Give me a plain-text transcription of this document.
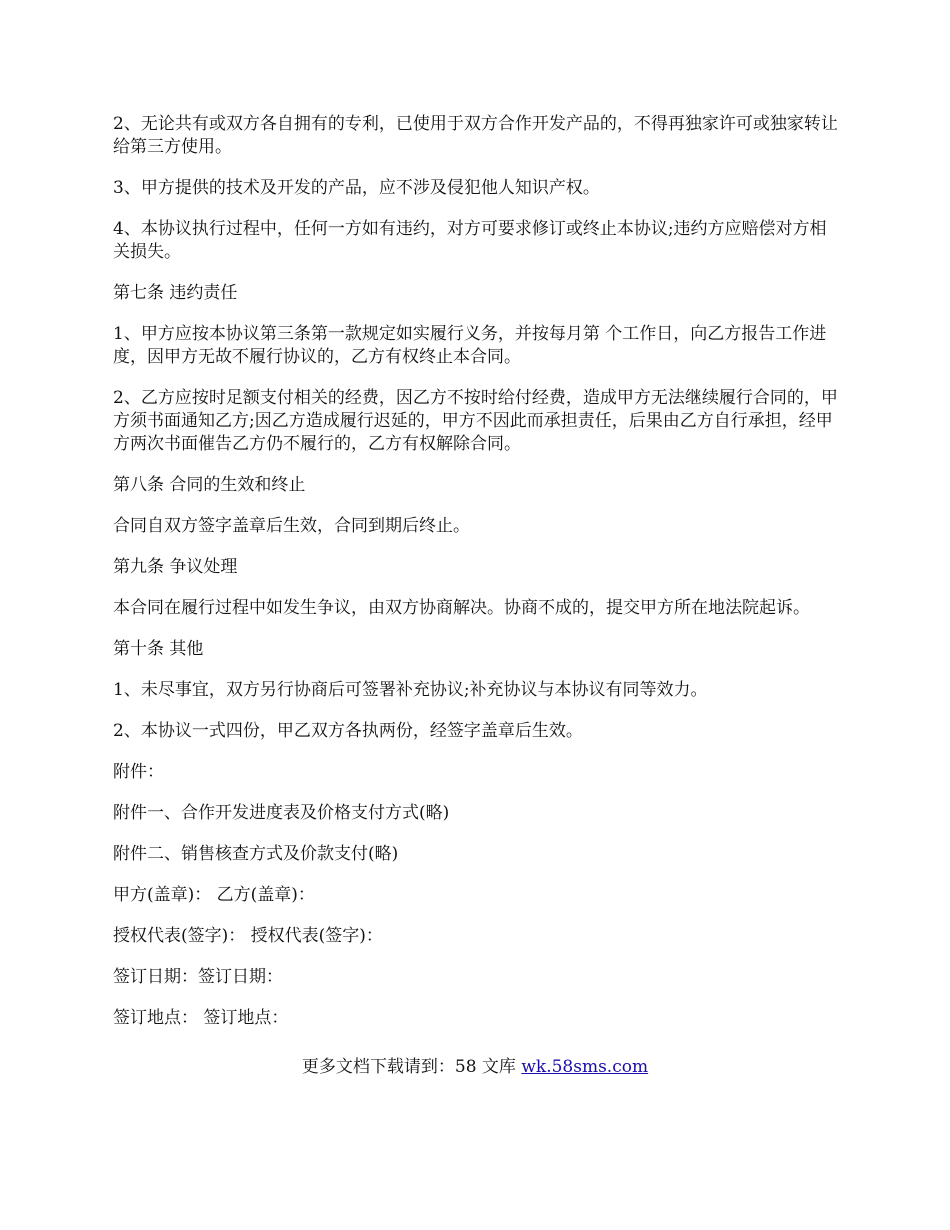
2、无论共有或双方各自拥有的专利，已使用于双方合作开发产品的，不得再独家许可或独家转让给第三方使用。

3、甲方提供的技术及开发的产品，应不涉及侵犯他人知识产权。

4、本协议执行过程中，任何一方如有违约，对方可要求修订或终止本协议;违约方应赔偿对方相关损失。

第七条 违约责任

1、甲方应按本协议第三条第一款规定如实履行义务，并按每月第 个工作日，向乙方报告工作进度，因甲方无故不履行协议的，乙方有权终止本合同。

2、乙方应按时足额支付相关的经费，因乙方不按时给付经费，造成甲方无法继续履行合同的，甲方须书面通知乙方;因乙方造成履行迟延的，甲方不因此而承担责任，后果由乙方自行承担，经甲方两次书面催告乙方仍不履行的，乙方有权解除合同。

第八条 合同的生效和终止

合同自双方签字盖章后生效，合同到期后终止。

第九条 争议处理

本合同在履行过程中如发生争议，由双方协商解决。协商不成的，提交甲方所在地法院起诉。

第十条 其他

1、未尽事宜，双方另行协商后可签署补充协议;补充协议与本协议有同等效力。

2、本协议一式四份，甲乙双方各执两份，经签字盖章后生效。

附件：

附件一、合作开发进度表及价格支付方式(略)

附件二、销售核查方式及价款支付(略)

甲方(盖章)： 乙方(盖章)：

授权代表(签字)： 授权代表(签字)：

签订日期：签订日期：

签订地点： 签订地点：

更多文档下载请到：58 文库 wk.58sms.com
